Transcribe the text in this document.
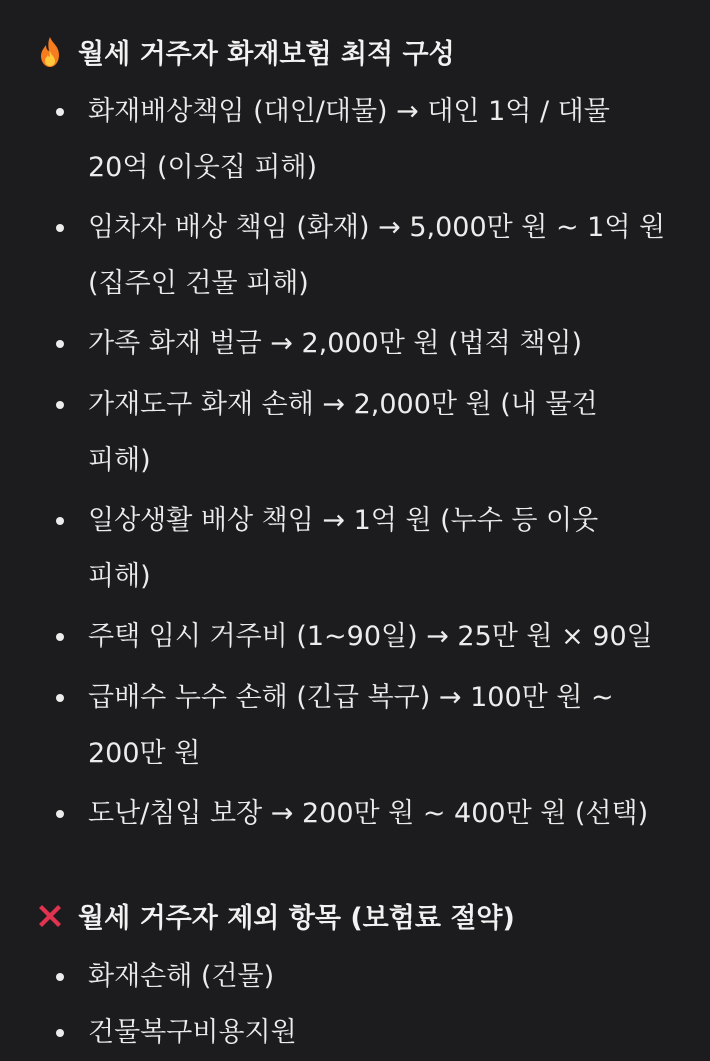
월세 거주자 화재보험 최적 구성
화재배상책임 (대인/대물) → 대인 1억 / 대물 20억 (이웃집 피해)
임차자 배상 책임 (화재) → 5,000만 원 ~ 1억 원 (집주인 건물 피해)
가족 화재 벌금 → 2,000만 원 (법적 책임)
가재도구 화재 손해 → 2,000만 원 (내 물건 피해)
일상생활 배상 책임 → 1억 원 (누수 등 이웃 피해)
주택 임시 거주비 (1~90일) → 25만 원 × 90일
급배수 누수 손해 (긴급 복구) → 100만 원 ~ 200만 원
도난/침입 보장 → 200만 원 ~ 400만 원 (선택)
월세 거주자 제외 항목 (보험료 절약)
화재손해 (건물)
건물복구비용지원
